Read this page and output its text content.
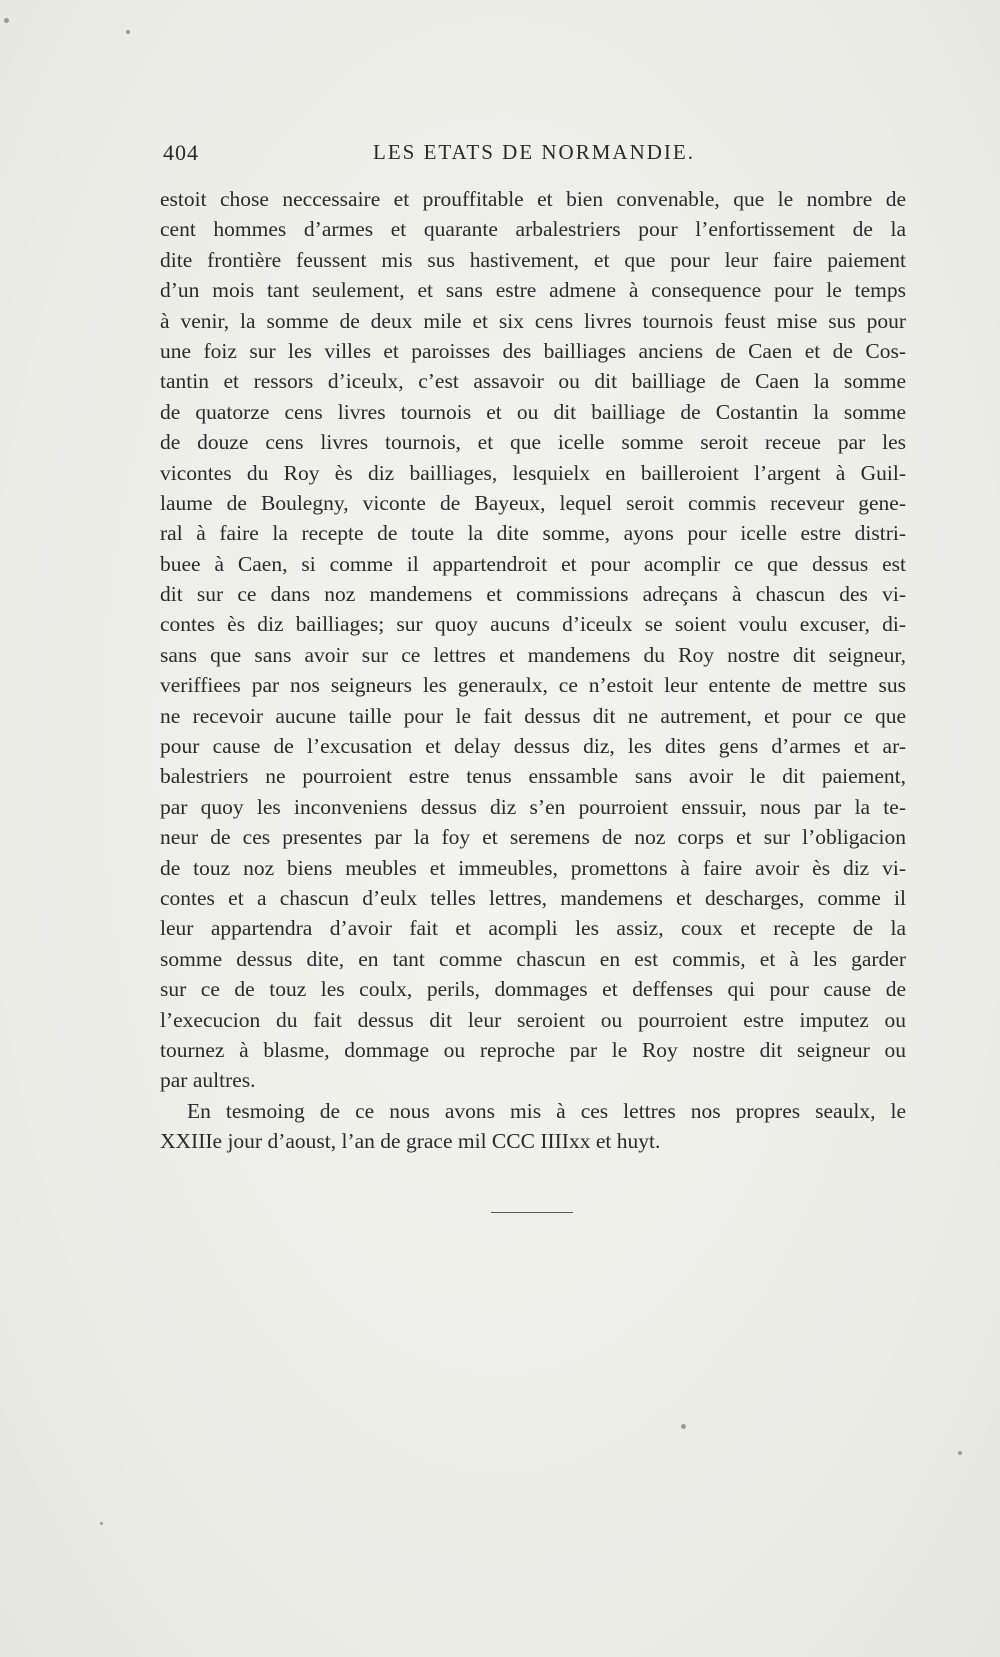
404	LES ETATS DE NORMANDIE.
estoit chose neccessaire et prouffitable et bien convenable, que le nombre de
cent hommes d’armes et quarante arbalestriers pour l’enfortissement de la
dite frontière feussent mis sus hastivement, et que pour leur faire paiement
d’un mois tant seulement, et sans estre admene à consequence pour le temps
à venir, la somme de deux mile et six cens livres tournois feust mise sus pour
une foiz sur les villes et paroisses des bailliages anciens de Caen et de Cos-
tantin et ressors d’iceulx, c’est assavoir ou dit bailliage de Caen la somme
de quatorze cens livres tournois et ou dit bailliage de Costantin la somme
de douze cens livres tournois, et que icelle somme seroit receue par les
vicontes du Roy ès diz bailliages, lesquielx en bailleroient l’argent à Guil-
laume de Boulegny, viconte de Bayeux, lequel seroit commis receveur gene-
ral à faire la recepte de toute la dite somme, ayons pour icelle estre distri-
buee à Caen, si comme il appartendroit et pour acomplir ce que dessus est
dit sur ce dans noz mandemens et commissions adreçans à chascun des vi-
contes ès diz bailliages; sur quoy aucuns d’iceulx se soient voulu excuser, di-
sans que sans avoir sur ce lettres et mandemens du Roy nostre dit seigneur,
veriffiees par nos seigneurs les generaulx, ce n’estoit leur entente de mettre sus
ne recevoir aucune taille pour le fait dessus dit ne autrement, et pour ce que
pour cause de l’excusation et delay dessus diz, les dites gens d’armes et ar-
balestriers ne pourroient estre tenus enssamble sans avoir le dit paiement,
par quoy les inconveniens dessus diz s’en pourroient enssuir, nous par la te-
neur de ces presentes par la foy et seremens de noz corps et sur l’obligacion
de touz noz biens meubles et immeubles, promettons à faire avoir ès diz vi-
contes et a chascun d’eulx telles lettres, mandemens et descharges, comme il
leur appartendra d’avoir fait et acompli les assiz, coux et recepte de la
somme dessus dite, en tant comme chascun en est commis, et à les garder
sur ce de touz les coulx, perils, dommages et deffenses qui pour cause de
l’execucion du fait dessus dit leur seroient ou pourroient estre imputez ou
tournez à blasme, dommage ou reproche par le Roy nostre dit seigneur ou
par aultres.
En tesmoing de ce nous avons mis à ces lettres nos propres seaulx, le
XXIIIe jour d’aoust, l’an de grace mil CCC IIIIxx et huyt.
